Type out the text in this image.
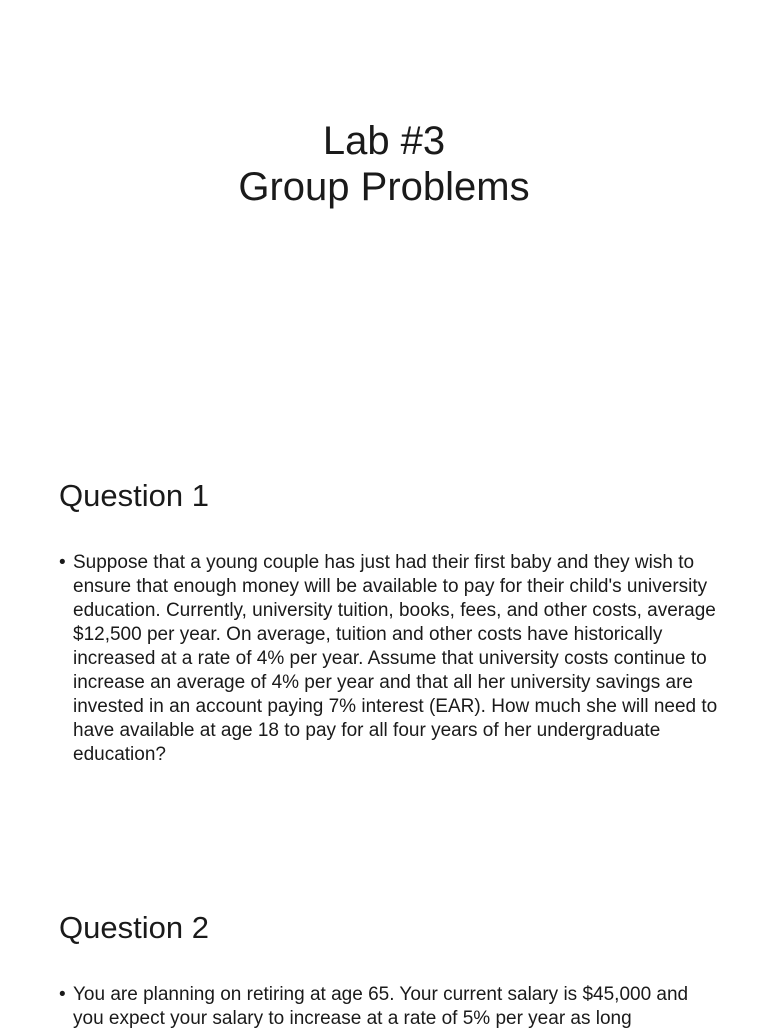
Lab #3
Group Problems
Question 1
• Suppose that a young couple has just had their first baby and they wish to ensure that enough money will be available to pay for their child's university education. Currently, university tuition, books, fees, and other costs, average $12,500 per year. On average, tuition and other costs have historically increased at a rate of 4% per year. Assume that university costs continue to increase an average of 4% per year and that all her university savings are invested in an account paying 7% interest (EAR). How much she will need to have available at age 18 to pay for all four years of her undergraduate education?
Question 2
• You are planning on retiring at age 65. Your current salary is $45,000 and you expect your salary to increase at a rate of 5% per year as long
